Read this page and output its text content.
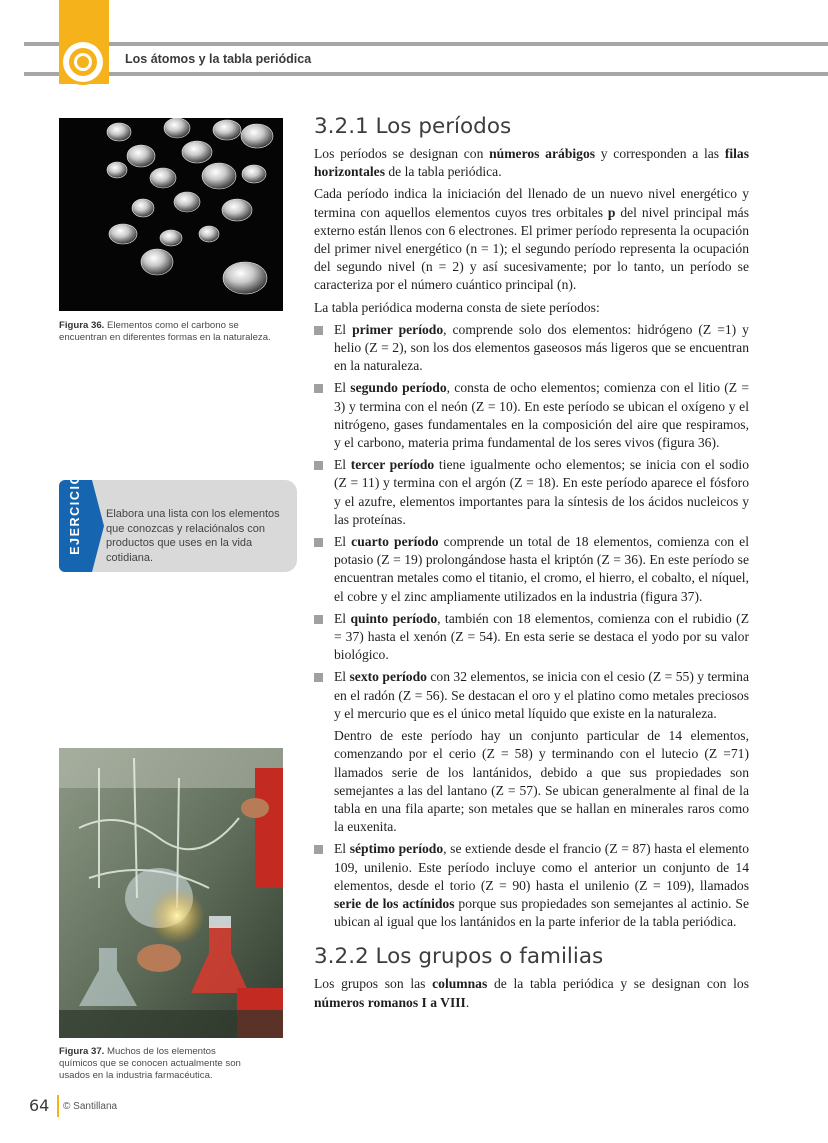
Los átomos y la tabla periódica
Figura 36. Elementos como el carbono se encuentran en diferentes formas en la naturaleza.
EJERCICIO	Elabora una lista con los elementos que conozcas y relaciónalos con productos que uses en la vida cotidiana.
Figura 37. Muchos de los elementos químicos que se conocen actualmente son usados en la industria farmacéutica.
3.2.1 Los períodos

Los períodos se designan con números arábigos y corresponden a las filas horizontales de la tabla periódica.

Cada período indica la iniciación del llenado de un nuevo nivel energético y termina con aquellos elementos cuyos tres orbitales p del nivel principal más externo están llenos con 6 electrones. El primer período representa la ocupación del primer nivel energético (n = 1); el segundo período representa la ocupación del segundo nivel (n = 2) y así sucesivamente; por lo tanto, un período se caracteriza por el número cuántico principal (n).

La tabla periódica moderna consta de siete períodos:

El primer período, comprende solo dos elementos: hidrógeno (Z =1) y helio (Z = 2), son los dos elementos gaseosos más ligeros que se encuentran en la naturaleza.
El segundo período, consta de ocho elementos; comienza con el litio (Z = 3) y termina con el neón (Z = 10). En este período se ubican el oxígeno y el nitrógeno, gases fundamentales en la composición del aire que respiramos, y el carbono, materia prima fundamental de los seres vivos (figura 36).
El tercer período tiene igualmente ocho elementos; se inicia con el sodio (Z = 11) y termina con el argón (Z = 18). En este período aparece el fósforo y el azufre, elementos importantes para la síntesis de los ácidos nucleicos y las proteínas.
El cuarto período comprende un total de 18 elementos, comienza con el potasio (Z = 19) prolongándose hasta el kriptón (Z = 36). En este período se encuentran metales como el titanio, el cromo, el hierro, el cobalto, el níquel, el cobre y el zinc ampliamente utilizados en la industria (figura 37).
El quinto período, también con 18 elementos, comienza con el rubidio (Z = 37) hasta el xenón (Z = 54). En esta serie se destaca el yodo por su valor biológico.
El sexto período con 32 elementos, se inicia con el cesio (Z = 55) y termina en el radón (Z = 56). Se destacan el oro y el platino como metales preciosos y el mercurio que es el único metal líquido que existe en la naturaleza.

Dentro de este período hay un conjunto particular de 14 elementos, comenzando por el cerio (Z = 58) y terminando con el lutecio (Z =71) llamados serie de los lantánidos, debido a que sus propiedades son semejantes a las del lantano (Z = 57). Se ubican generalmente al final de la tabla en una fila aparte; son metales que se hallan en minerales raros como la euxenita.

El séptimo período, se extiende desde el francio (Z = 87) hasta el elemento 109, unilenio. Este período incluye como el anterior un conjunto de 14 elementos, desde el torio (Z = 90) hasta el unilenio (Z = 109), llamados serie de los actínidos porque sus propiedades son semejantes al actinio. Se ubican al igual que los lantánidos en la parte inferior de la tabla periódica.
3.2.2 Los grupos o familias

Los grupos son las columnas de la tabla periódica y se designan con los números romanos I a VIII.

64 © Santillana
